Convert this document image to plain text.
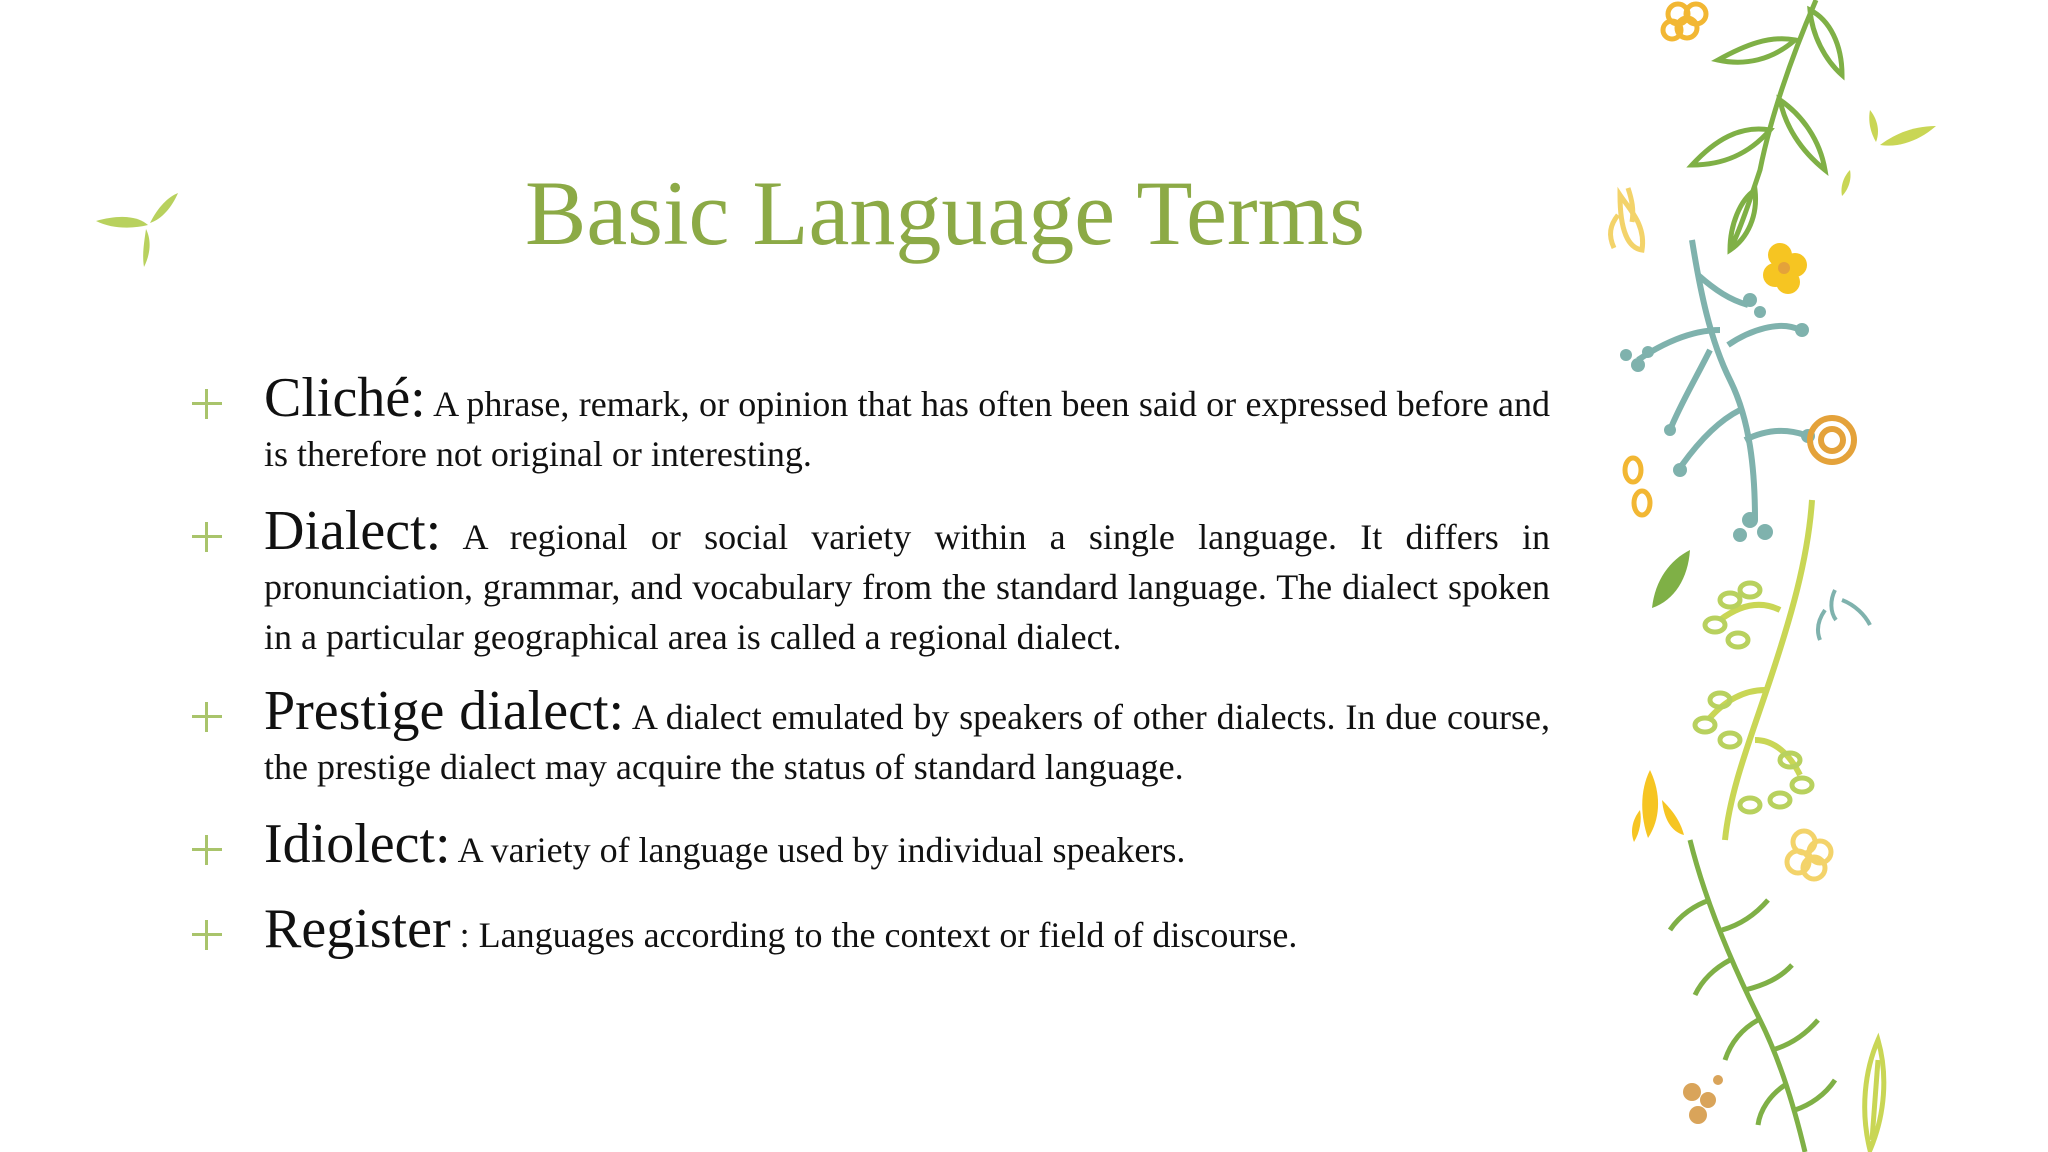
Basic Language Terms
Cliché: A phrase, remark, or opinion that has often been said or expressed before and is therefore not original or interesting.
Dialect: A regional or social variety within a single language. It differs in pronunciation, grammar, and vocabulary from the standard language. The dialect spoken in a particular geographical area is called a regional dialect.
Prestige dialect: A dialect emulated by speakers of other dialects. In due course, the prestige dialect may acquire the status of standard language.
Idiolect: A variety of language used by individual speakers.
Register : Languages according to the context or field of discourse.
